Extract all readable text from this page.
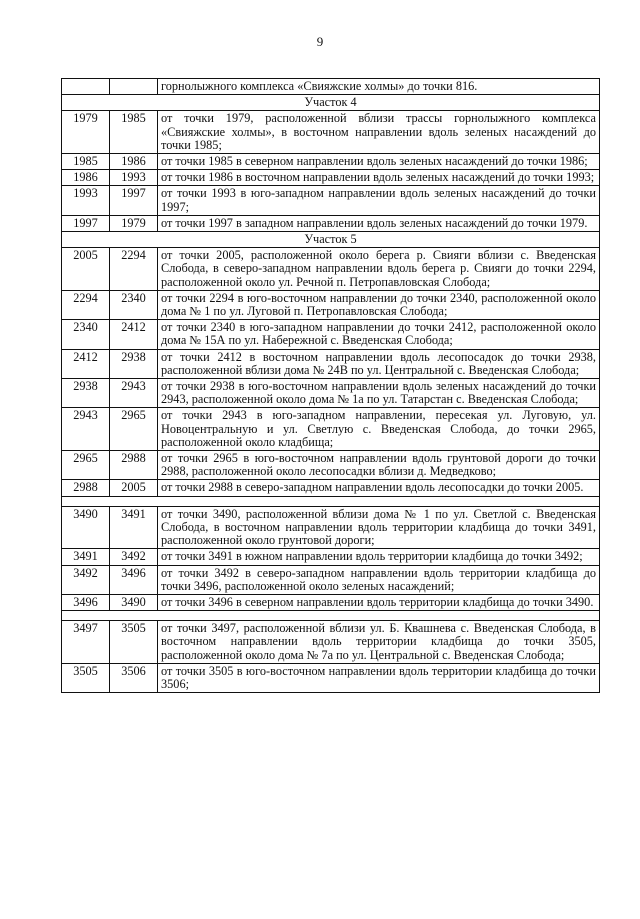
9
		горнолыжного комплекса «Свияжские холмы» до точки 816.
Участок 4		
1979	1985	от точки 1979, расположенной вблизи трассы горнолыжного комплекса «Свияжские холмы», в восточном направлении вдоль зеленых насаждений до точки 1985;
1985	1986	от точки 1985 в северном направлении вдоль зеленых насаждений до точки 1986;
1986	1993	от точки 1986 в восточном направлении вдоль зеленых насаждений до точки 1993;
1993	1997	от точки 1993 в юго-западном направлении вдоль зеленых насаждений до точки 1997;
1997	1979	от точки 1997 в западном направлении вдоль зеленых насаждений до точки 1979.
Участок 5		
2005	2294	от точки 2005, расположенной около берега р. Свияги вблизи с. Введенская Слобода, в северо-западном направлении вдоль берега р. Свияги до точки 2294, расположенной около ул. Речной п. Петропавловская Слобода;
2294	2340	от точки 2294 в юго-восточном направлении до точки 2340, расположенной около дома № 1 по ул. Луговой п. Петропавловская Слобода;
2340	2412	от точки 2340 в юго-западном направлении до точки 2412, расположенной около дома № 15А по ул. Набережной с. Введенская Слобода;
2412	2938	от точки 2412 в восточном направлении вдоль лесопосадок до точки 2938, расположенной вблизи дома № 24В по ул. Центральной с. Введенская Слобода;
2938	2943	от точки 2938 в юго-восточном направлении вдоль зеленых насаждений до точки 2943, расположенной около дома № 1а по ул. Татарстан с. Введенская Слобода;
2943	2965	от точки 2943 в юго-западном направлении, пересекая ул. Луговую, ул. Новоцентральную и ул. Светлую с. Введенская Слобода, до точки 2965, расположенной около кладбища;
2965	2988	от точки 2965 в юго-восточном направлении вдоль грунтовой дороги до точки 2988, расположенной около лесопосадки вблизи д. Медведково;
2988	2005	от точки 2988 в северо-западном направлении вдоль лесопосадки до точки 2005.

3490	3491	от точки 3490, расположенной вблизи дома № 1 по ул. Светлой с. Введенская Слобода, в восточном направлении вдоль территории кладбища до точки 3491, расположенной около грунтовой дороги;
3491	3492	от точки 3491 в южном направлении вдоль территории кладбища до точки 3492;
3492	3496	от точки 3492 в северо-западном направлении вдоль территории кладбища до точки 3496, расположенной около зеленых насаждений;
3496	3490	от точки 3496 в северном направлении вдоль территории кладбища до точки 3490.

3497	3505	от точки 3497, расположенной вблизи ул. Б. Квашнева с. Введенская Слобода, в восточном направлении вдоль территории кладбища до точки 3505, расположенной около дома № 7а по ул. Центральной с. Введенская Слобода;
3505	3506	от точки 3505 в юго-восточном направлении вдоль территории кладбища до точки 3506;
